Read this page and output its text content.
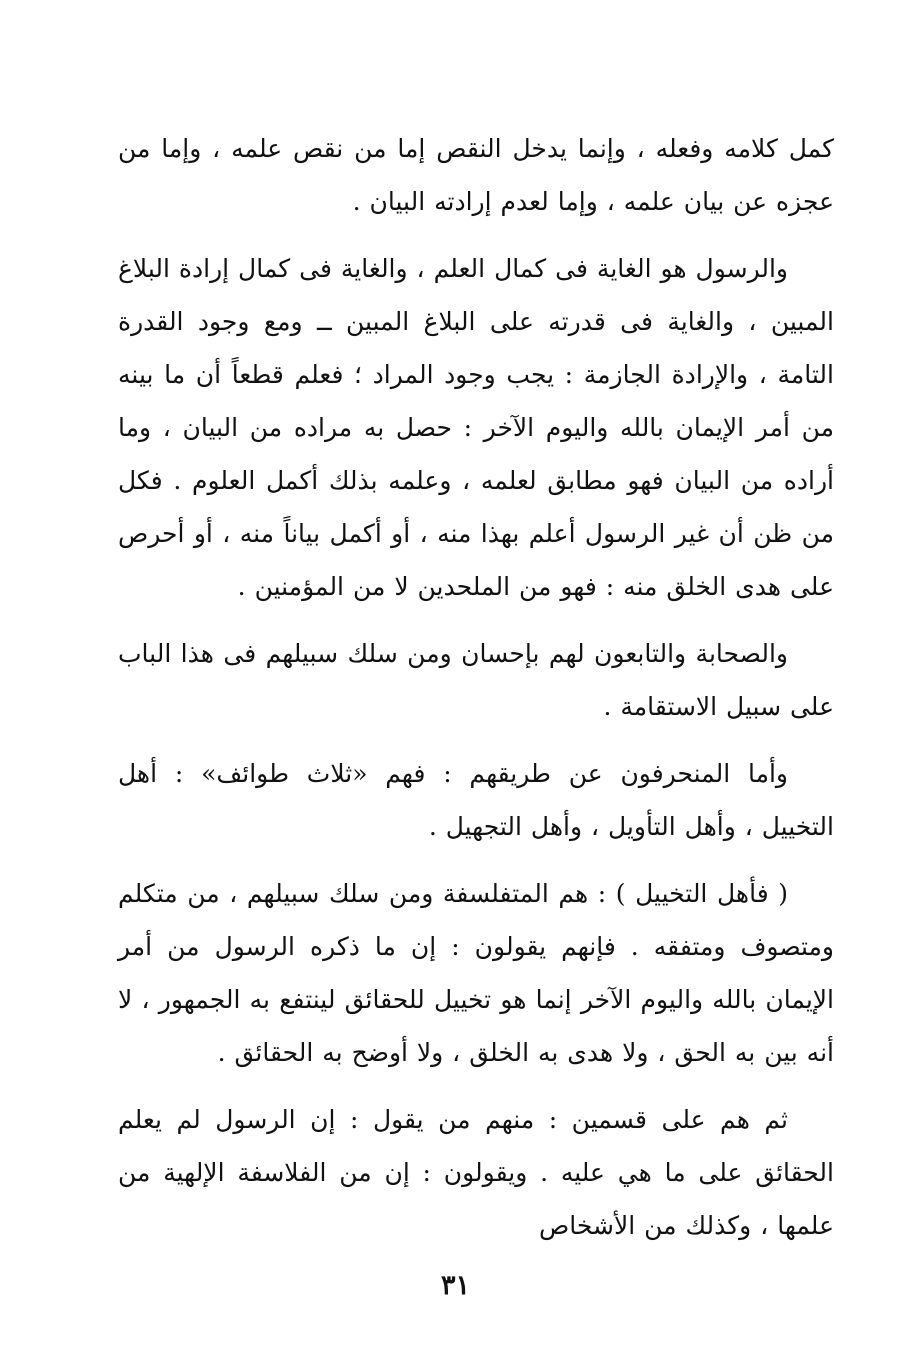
كمل كلامه وفعله ، وإنما يدخل النقص إما من نقص علمه ، وإما من عجزه عن بيان علمه ، وإما لعدم إرادته البيان .

والرسول هو الغاية فى كمال العلم ، والغاية فى كمال إرادة البلاغ المبين ، والغاية فى قدرته على البلاغ المبين ــ ومع وجود القدرة التامة ، والإرادة الجازمة : يجب وجود المراد ؛ فعلم قطعاً أن ما بينه من أمر الإيمان بالله واليوم الآخر : حصل به مراده من البيان ، وما أراده من البيان فهو مطابق لعلمه ، وعلمه بذلك أكمل العلوم . فكل من ظن أن غير الرسول أعلم بهذا منه ، أو أكمل بياناً منه ، أو أحرص على هدى الخلق منه : فهو من الملحدين لا من المؤمنين .

والصحابة والتابعون لهم بإحسان ومن سلك سبيلهم فى هذا الباب على سبيل الاستقامة .

وأما المنحرفون عن طريقهم : فهم «ثلاث طوائف» : أهل التخييل ، وأهل التأويل ، وأهل التجهيل .

( فأهل التخييل ) : هم المتفلسفة ومن سلك سبيلهم ، من متكلم ومتصوف ومتفقه . فإنهم يقولون : إن ما ذكره الرسول من أمر الإيمان بالله واليوم الآخر إنما هو تخييل للحقائق لينتفع به الجمهور ، لا أنه بين به الحق ، ولا هدى به الخلق ، ولا أوضح به الحقائق .

ثم هم على قسمين : منهم من يقول : إن الرسول لم يعلم الحقائق على ما هي عليه . ويقولون : إن من الفلاسفة الإلهية من علمها ، وكذلك من الأشخاص

٣١
